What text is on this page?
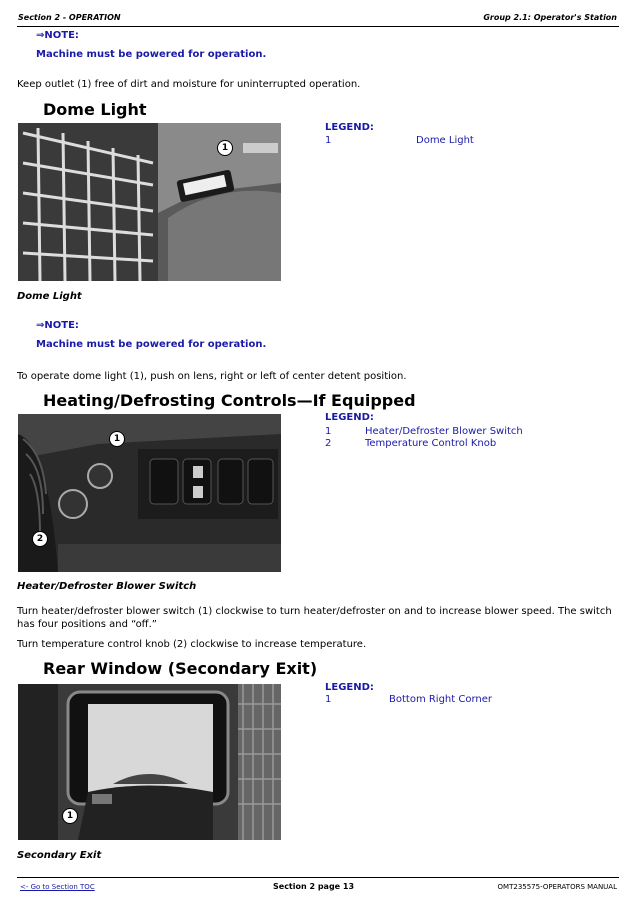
Section 2 - OPERATION	Group 2.1: Operator's Station
⇒NOTE:
Machine must be powered for operation.
Keep outlet (1) free of dirt and moisture for uninterrupted operation.
Dome Light
1
LEGEND:
1	Dome Light
Dome Light
⇒NOTE:
Machine must be powered for operation.
To operate dome light (1), push on lens, right or left of center detent position.
Heating/Defrosting Controls—If Equipped
1
2
LEGEND:
1	Heater/Defroster Blower Switch
2	Temperature Control Knob
Heater/Defroster Blower Switch
Turn heater/defroster blower switch (1) clockwise to turn heater/defroster on and to increase blower speed. The switch has four positions and “off.”
Turn temperature control knob (2) clockwise to increase temperature.
Rear Window (Secondary Exit)
1
LEGEND:
1	Bottom Right Corner
Secondary Exit
<- Go to Section TOC	Section 2 page 13	OMT235575-OPERATORS MANUAL
